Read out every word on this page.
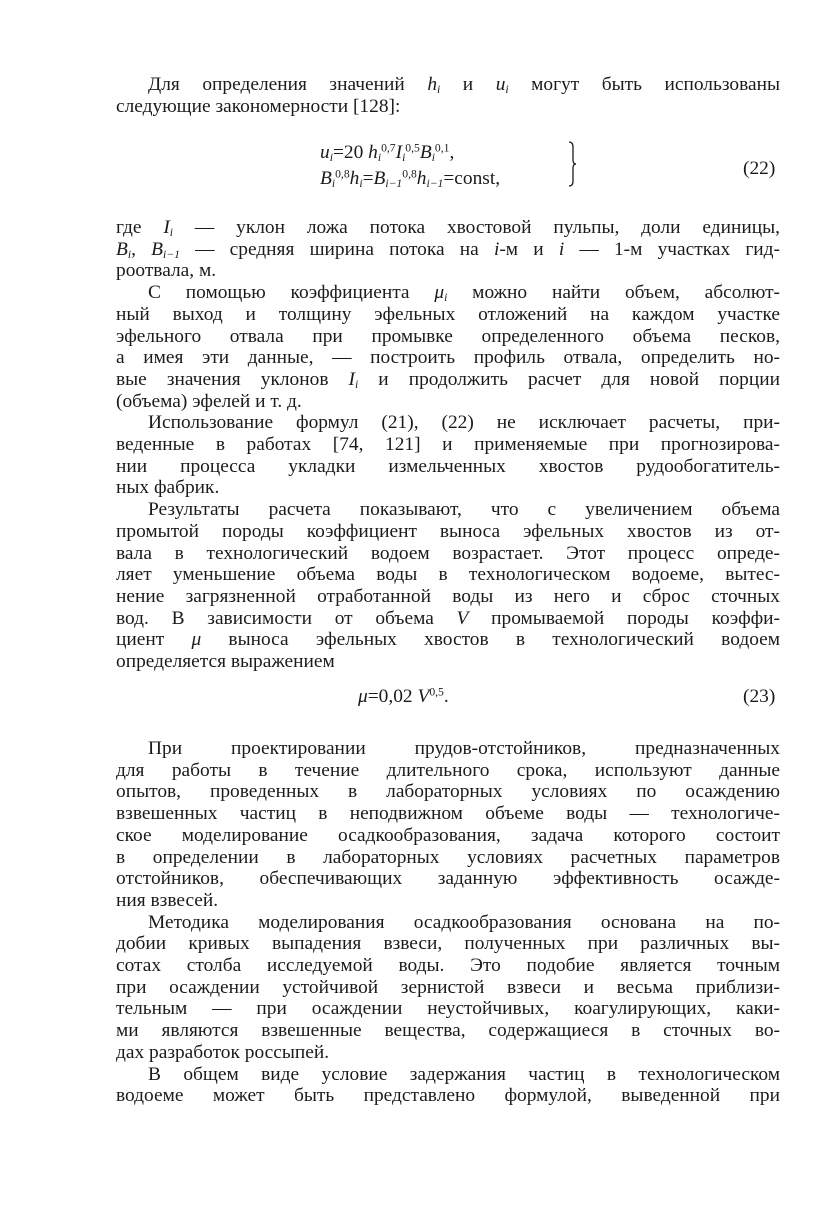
Для определения значений $h_i$ и $u_i$ могут быть использованы

следующие закономерности [128]:

$u_i=20$ $h_i^{0,7}I_i^{0,5}B_i^{0,1}$,
$B_i^{0,8}h_i=B_{i-1}^{0,8}h_{i-1}=const$,	(22)

где $I_i$ — уклон ложа потока хвостовой пульпы, доли единицы,

$B_i$, $B_{i-1}$ — средняя ширина потока на i-м и i — 1-м участках гид-

роотвала, м.

С помощью коэффициента $\mu_i$ можно найти объем, абсолют-

ный выход и толщину эфельных отложений на каждом участке

эфельного отвала при промывке определенного объема песков,

а имея эти данные, — построить профиль отвала, определить но-

вые значения уклонов $I_i$ и продолжить расчет для новой порции

(объема) эфелей и т. д.

Использование формул (21), (22) не исключает расчеты, при-

веденные в работах [74, 121] и применяемые при прогнозирова-

нии процесса укладки измельченных хвостов рудообогатитель-

ных фабрик.

Результаты расчета показывают, что с увеличением объема

промытой породы коэффициент выноса эфельных хвостов из от-

вала в технологический водоем возрастает. Этот процесс опреде-

ляет уменьшение объема воды в технологическом водоеме, вытес-

нение загрязненной отработанной воды из него и сброс сточных

вод. В зависимости от объема V промываемой породы коэффи-

циент μ выноса эфельных хвостов в технологический водоем

определяется выражением

μ=0,02 V$^{0,5}$.	(23)

При проектировании прудов-отстойников, предназначенных

для работы в течение длительного срока, используют данные

опытов, проведенных в лабораторных условиях по осаждению

взвешенных частиц в неподвижном объеме воды — технологиче-

ское моделирование осадкообразования, задача которого состоит

в определении в лабораторных условиях расчетных параметров

отстойников, обеспечивающих заданную эффективность осажде-

ния взвесей.

Методика моделирования осадкообразования основана на по-

добии кривых выпадения взвеси, полученных при различных вы-

сотах столба исследуемой воды. Это подобие является точным

при осаждении устойчивой зернистой взвеси и весьма приблизи-

тельным — при осаждении неустойчивых, коагулирующих, каки-

ми являются взвешенные вещества, содержащиеся в сточных во-

дах разработок россыпей.

В общем виде условие задержания частиц в технологическом

водоеме может быть представлено формулой, выведенной при
